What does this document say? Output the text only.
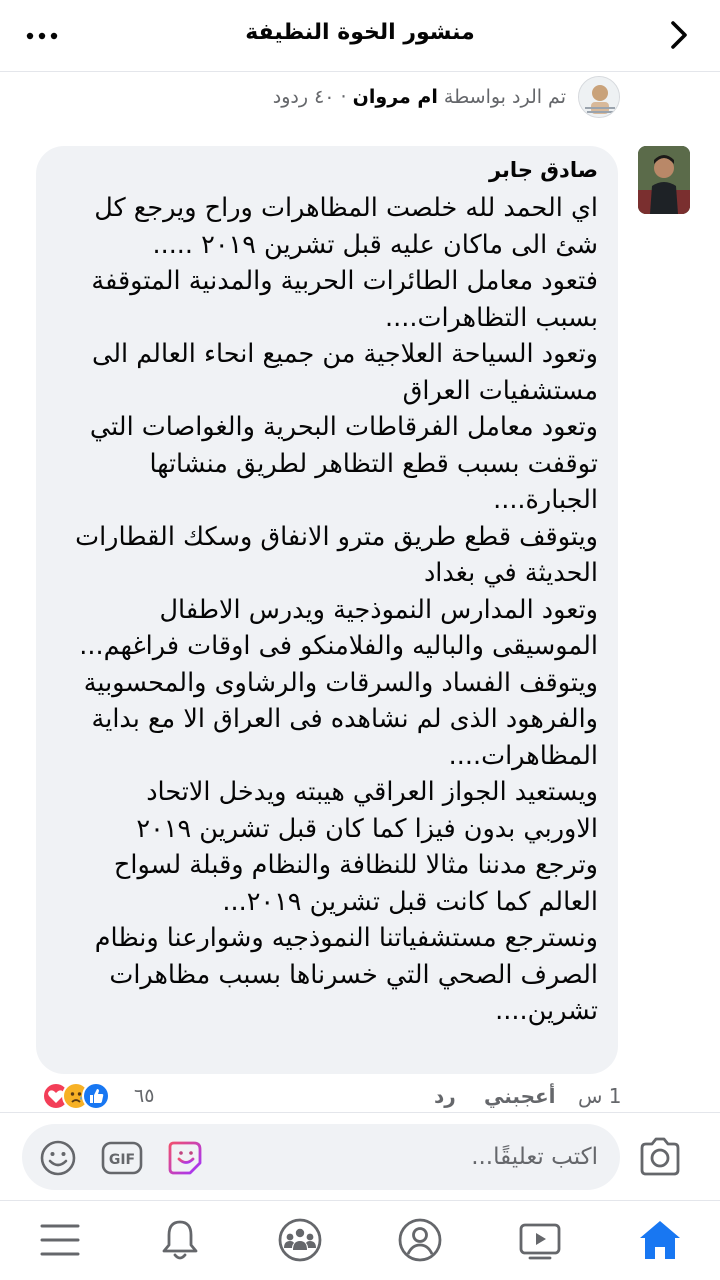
منشور الخوة النظيفة
تم الرد بواسطة ام مروان · ٤٠ ردود
صادق جابر
اي الحمد لله خلصت المظاهرات وراح ويرجع كل
شئ الى ماكان عليه قبل تشرين ٢٠١٩ .....
فتعود معامل الطائرات الحربية والمدنية المتوقفة
بسبب التظاهرات....
وتعود السياحة العلاجية من جميع انحاء العالم الى
مستشفيات العراق
وتعود معامل الفرقاطات البحرية والغواصات التي
توقفت بسبب قطع التظاهر لطريق منشاتها
الجبارة....
ويتوقف قطع طريق مترو الانفاق وسكك القطارات
الحديثة في بغداد
وتعود المدارس النموذجية ويدرس الاطفال
الموسيقى والباليه والفلامنكو فى اوقات فراغهم...
ويتوقف الفساد والسرقات والرشاوى والمحسوبية
والفرهود الذى لم نشاهده فى العراق الا مع بداية
المظاهرات....
ويستعيد الجواز العراقي هيبته ويدخل الاتحاد
الاوربي بدون فيزا كما كان قبل تشرين ٢٠١٩
وترجع مدننا مثالا للنظافة والنظام وقبلة لسواح
العالم كما كانت قبل تشرين ٢٠١٩...
ونسترجع مستشفياتنا النموذجيه وشوارعنا ونظام
الصرف الصحي التي خسرناها بسبب مظاهرات
تشرين....
1 س
أعجبني
رد
٦٥
GIF	اكتب تعليقًا...
